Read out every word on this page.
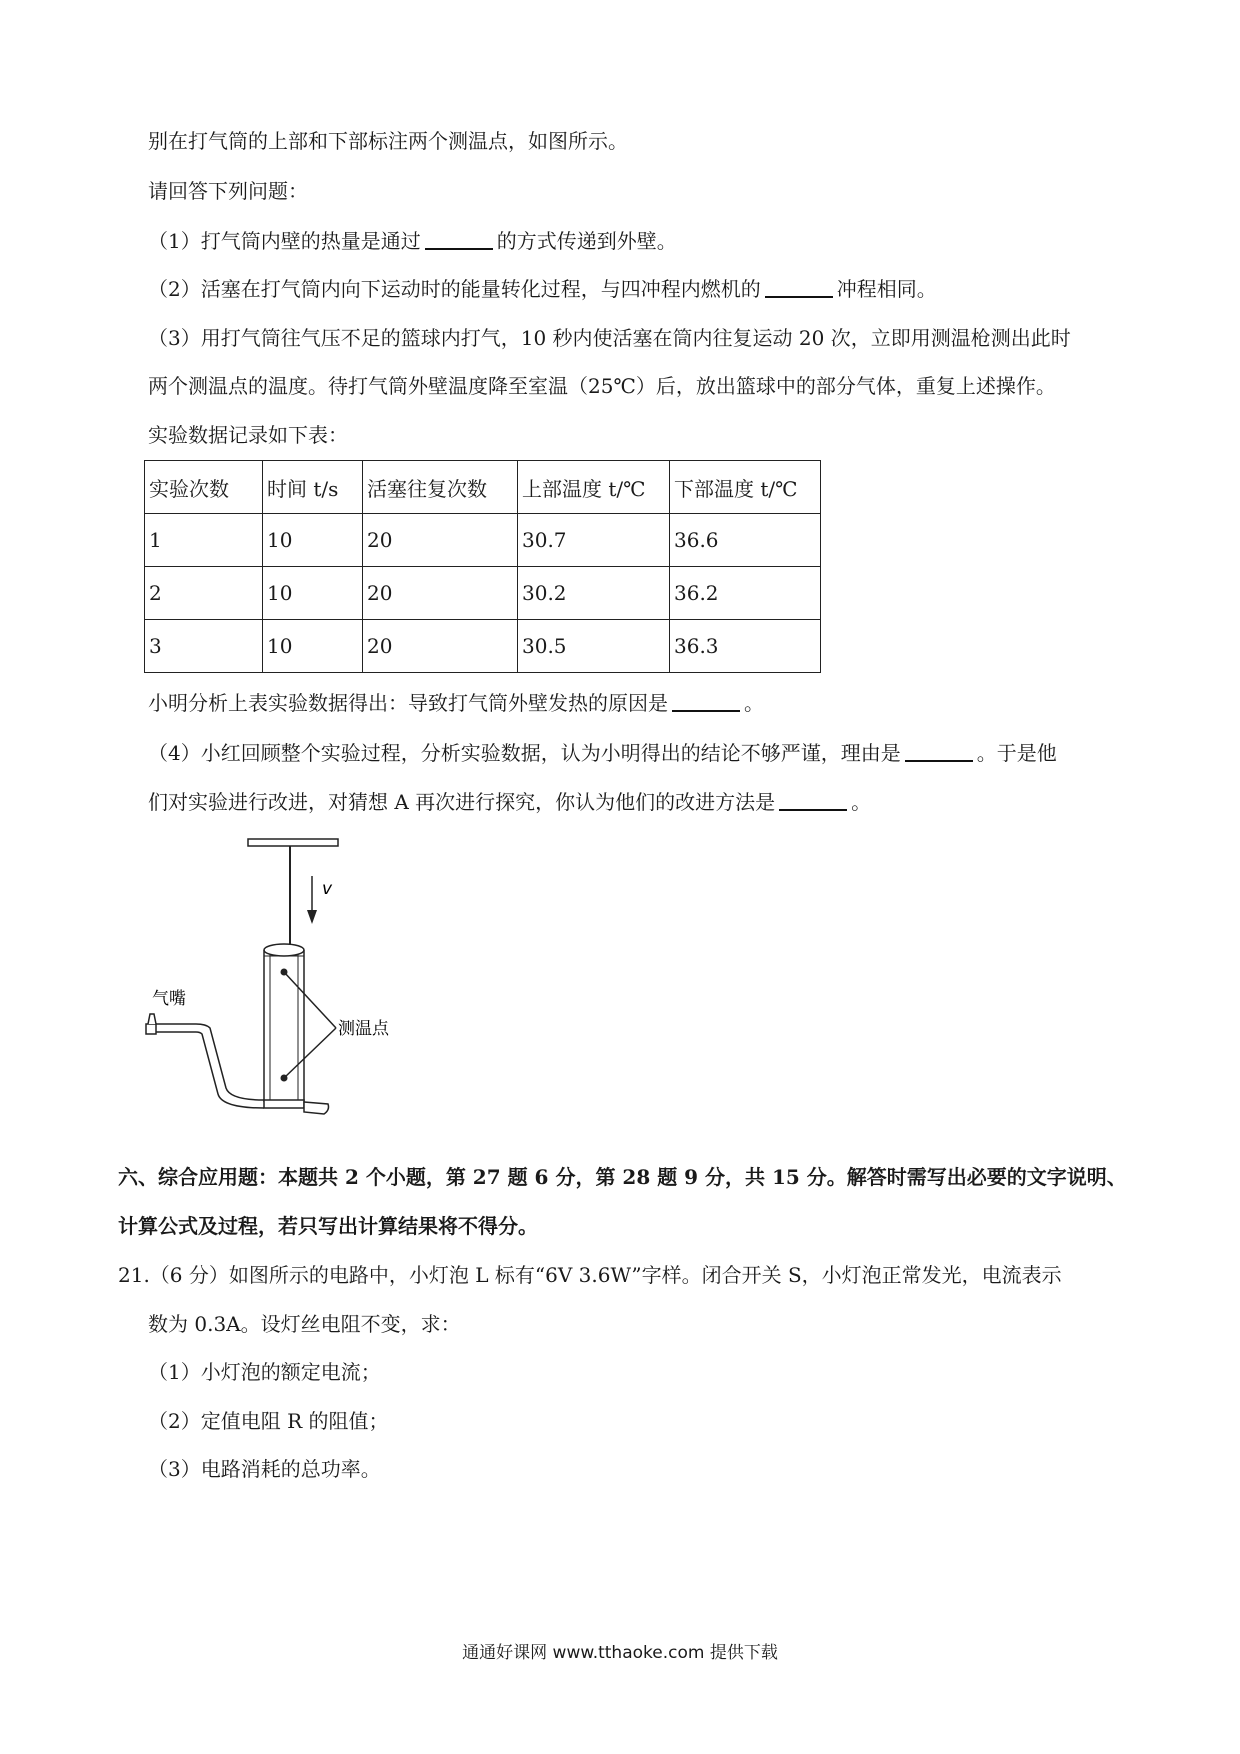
别在打气筒的上部和下部标注两个测温点，如图所示。
请回答下列问题：
（1）打气筒内壁的热量是通过	的方式传递到外壁。
（2）活塞在打气筒内向下运动时的能量转化过程，与四冲程内燃机的	冲程相同。
（3）用打气筒往气压不足的篮球内打气，10 秒内使活塞在筒内往复运动 20 次，立即用测温枪测出此时
两个测温点的温度。待打气筒外壁温度降至室温（25℃）后，放出篮球中的部分气体，重复上述操作。
实验数据记录如下表：
实验次数	时间 t/s	活塞往复次数	上部温度 t/℃	下部温度 t/℃
1	10	20	30.7	36.6
2	10	20	30.2	36.2
3	10	20	30.5	36.3
小明分析上表实验数据得出：导致打气筒外壁发热的原因是	。
（4）小红回顾整个实验过程，分析实验数据，认为小明得出的结论不够严谨，理由是	。于是他
们对实验进行改进，对猜想 A 再次进行探究，你认为他们的改进方法是	。
v
气嘴
测温点
六、综合应用题：本题共 2 个小题，第 27 题 6 分，第 28 题 9 分，共 15 分。解答时需写出必要的文字说明、
计算公式及过程，若只写出计算结果将不得分。
21.（6 分）如图所示的电路中，小灯泡 L 标有“6V 3.6W”字样。闭合开关 S，小灯泡正常发光，电流表示
数为 0.3A。设灯丝电阻不变，求：
（1）小灯泡的额定电流；
（2）定值电阻 R 的阻值；
（3）电路消耗的总功率。
通通好课网 www.tthaoke.com 提供下载
